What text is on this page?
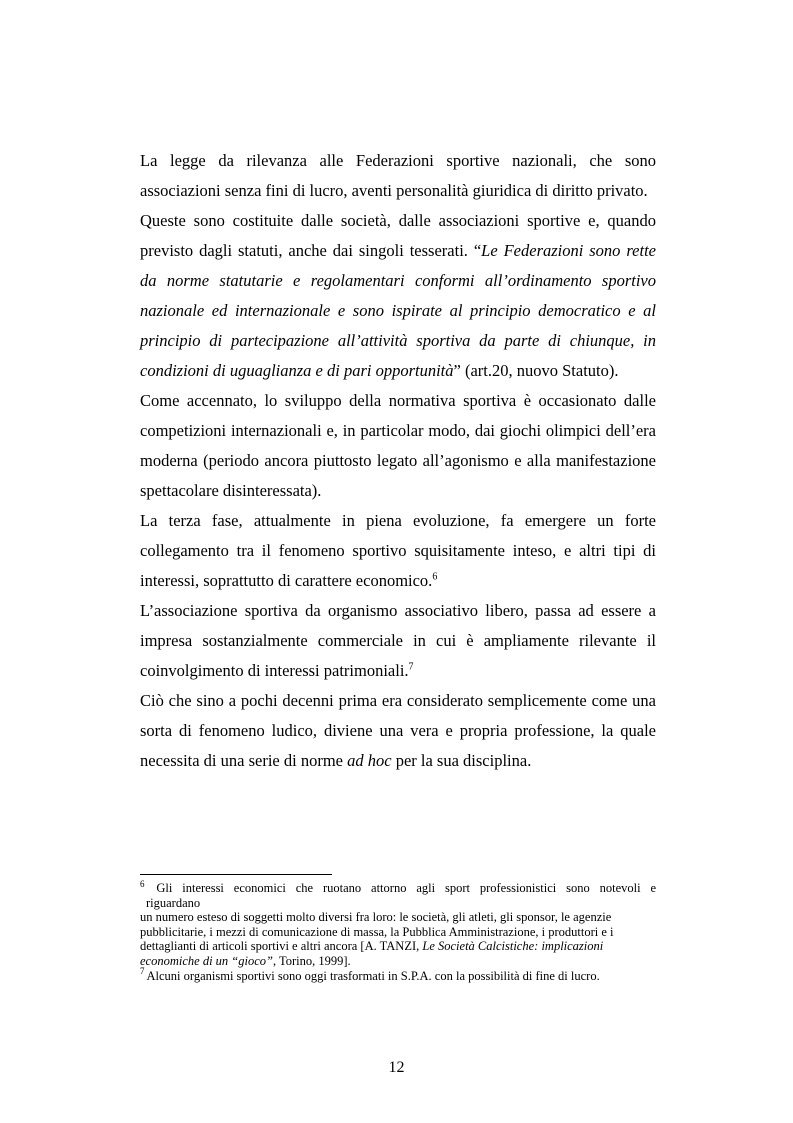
La legge da rilevanza alle Federazioni sportive nazionali, che sono associazioni senza fini di lucro, aventi personalità giuridica di diritto privato.

Queste sono costituite dalle società, dalle associazioni sportive e, quando previsto dagli statuti, anche dai singoli tesserati. “Le Federazioni sono rette da norme statutarie e regolamentari conformi all’ordinamento sportivo nazionale ed internazionale e sono ispirate al principio democratico e al principio di partecipazione all’attività sportiva da parte di chiunque, in condizioni di uguaglianza e di pari opportunità” (art.20, nuovo Statuto).

Come accennato, lo sviluppo della normativa sportiva è occasionato dalle competizioni internazionali e, in particolar modo, dai giochi olimpici dell’era moderna (periodo ancora piuttosto legato all’agonismo e alla manifestazione spettacolare disinteressata).

La terza fase, attualmente in piena evoluzione, fa emergere un forte collegamento tra il fenomeno sportivo squisitamente inteso, e altri tipi di interessi, soprattutto di carattere economico.$^6$

L’associazione sportiva da organismo associativo libero, passa ad essere a impresa sostanzialmente commerciale in cui è ampliamente rilevante il coinvolgimento di interessi patrimoniali.$^7$

Ciò che sino a pochi decenni prima era considerato semplicemente come una sorta di fenomeno ludico, diviene una vera e propria professione, la quale necessita di una serie di norme ad hoc per la sua disciplina.

$^6$ Gli interessi economici che ruotano attorno agli sport professionistici sono notevoli e

riguardano

un numero esteso di soggetti molto diversi fra loro: le società, gli atleti, gli sponsor, le agenzie pubblicitarie, i mezzi di comunicazione di massa, la Pubblica Amministrazione, i produttori e i dettaglianti di articoli sportivi e altri ancora [A. TANZI, Le Società Calcistiche: implicazioni economiche di un “gioco”, Torino, 1999].

$^7$ Alcuni organismi sportivi sono oggi trasformati in S.P.A. con la possibilità di fine di lucro.

12
